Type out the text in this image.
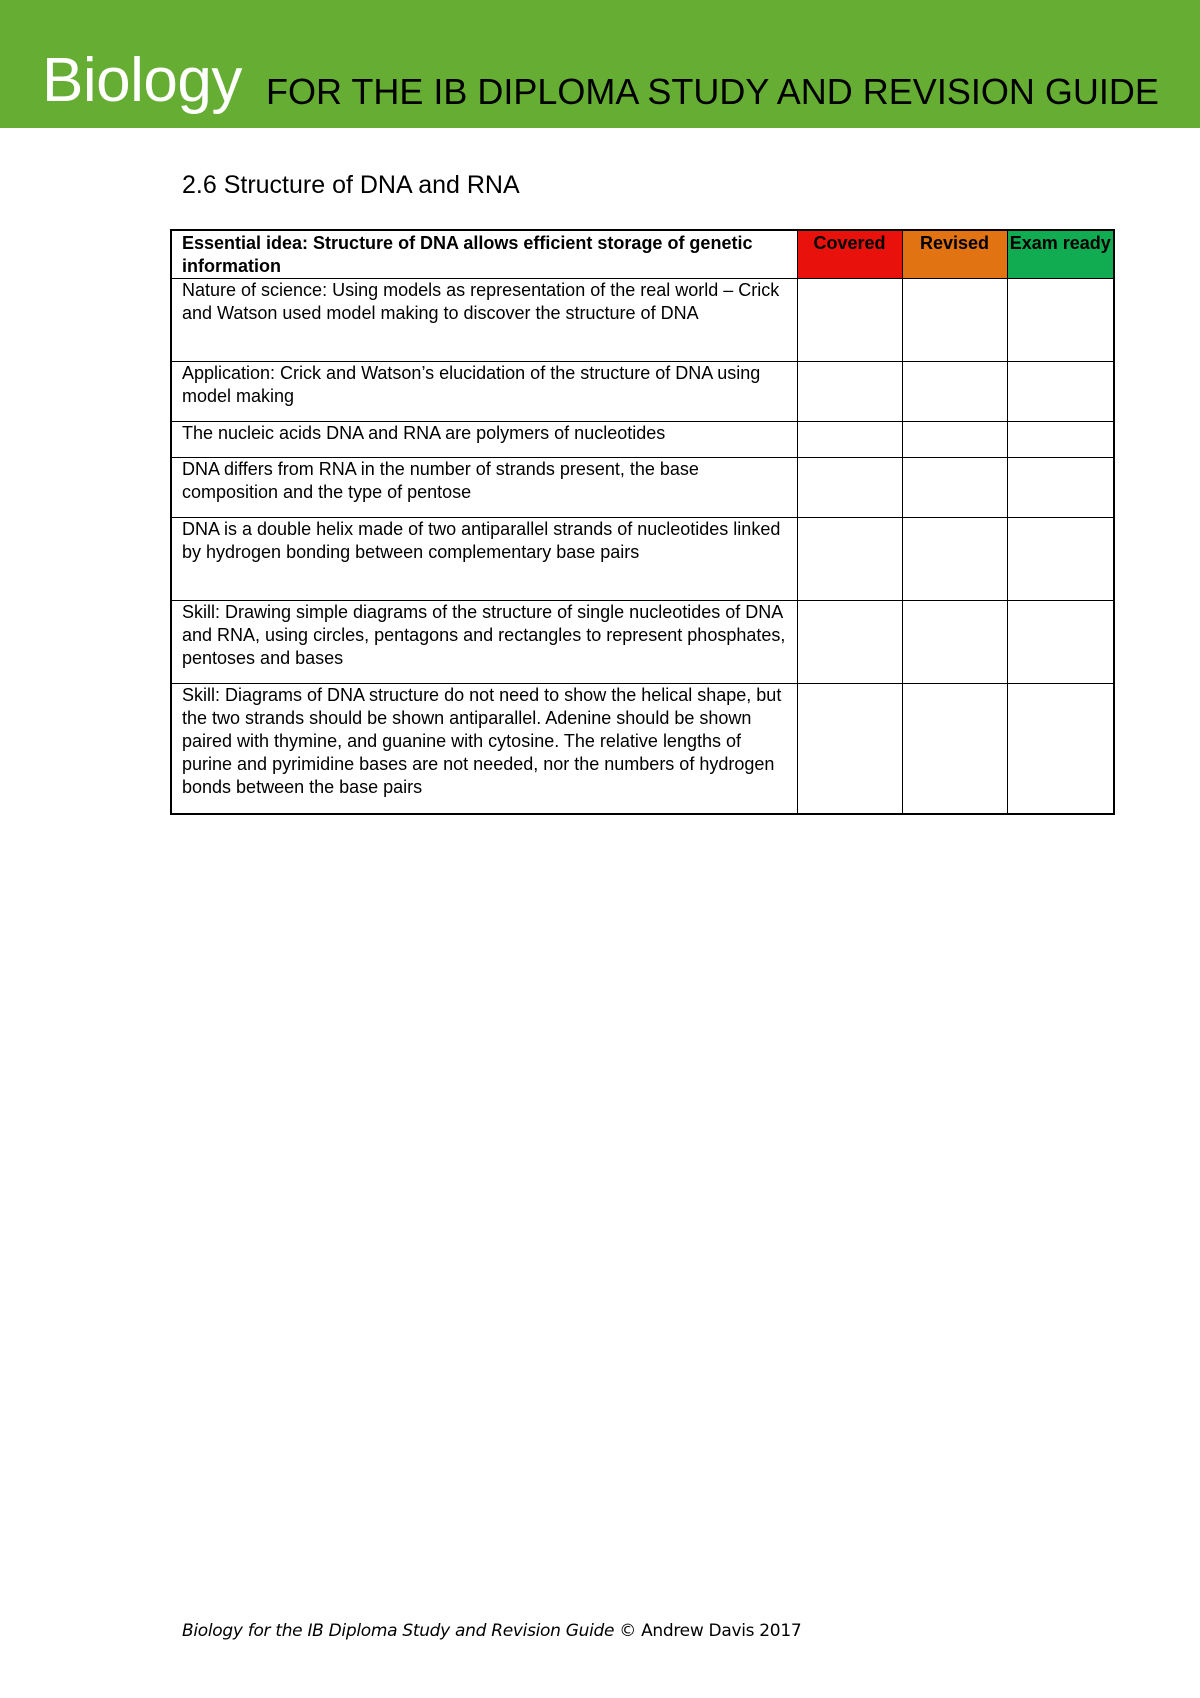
Biology FOR THE IB DIPLOMA STUDY AND REVISION GUIDE
2.6 Structure of DNA and RNA
Essential idea: Structure of DNA allows efficient storage of genetic information	Covered	Revised	Exam ready
Nature of science: Using models as representation of the real world – Crick and Watson used model making to discover the structure of DNA			
Application: Crick and Watson’s elucidation of the structure of DNA using model making			
The nucleic acids DNA and RNA are polymers of nucleotides			
DNA differs from RNA in the number of strands present, the base composition and the type of pentose			
DNA is a double helix made of two antiparallel strands of nucleotides linked by hydrogen bonding between complementary base pairs			
Skill: Drawing simple diagrams of the structure of single nucleotides of DNA and RNA, using circles, pentagons and rectangles to represent phosphates, pentoses and bases			
Skill: Diagrams of DNA structure do not need to show the helical shape, but the two strands should be shown antiparallel. Adenine should be shown paired with thymine, and guanine with cytosine. The relative lengths of purine and pyrimidine bases are not needed, nor the numbers of hydrogen bonds between the base pairs			
Biology for the IB Diploma Study and Revision Guide © Andrew Davis 2017
